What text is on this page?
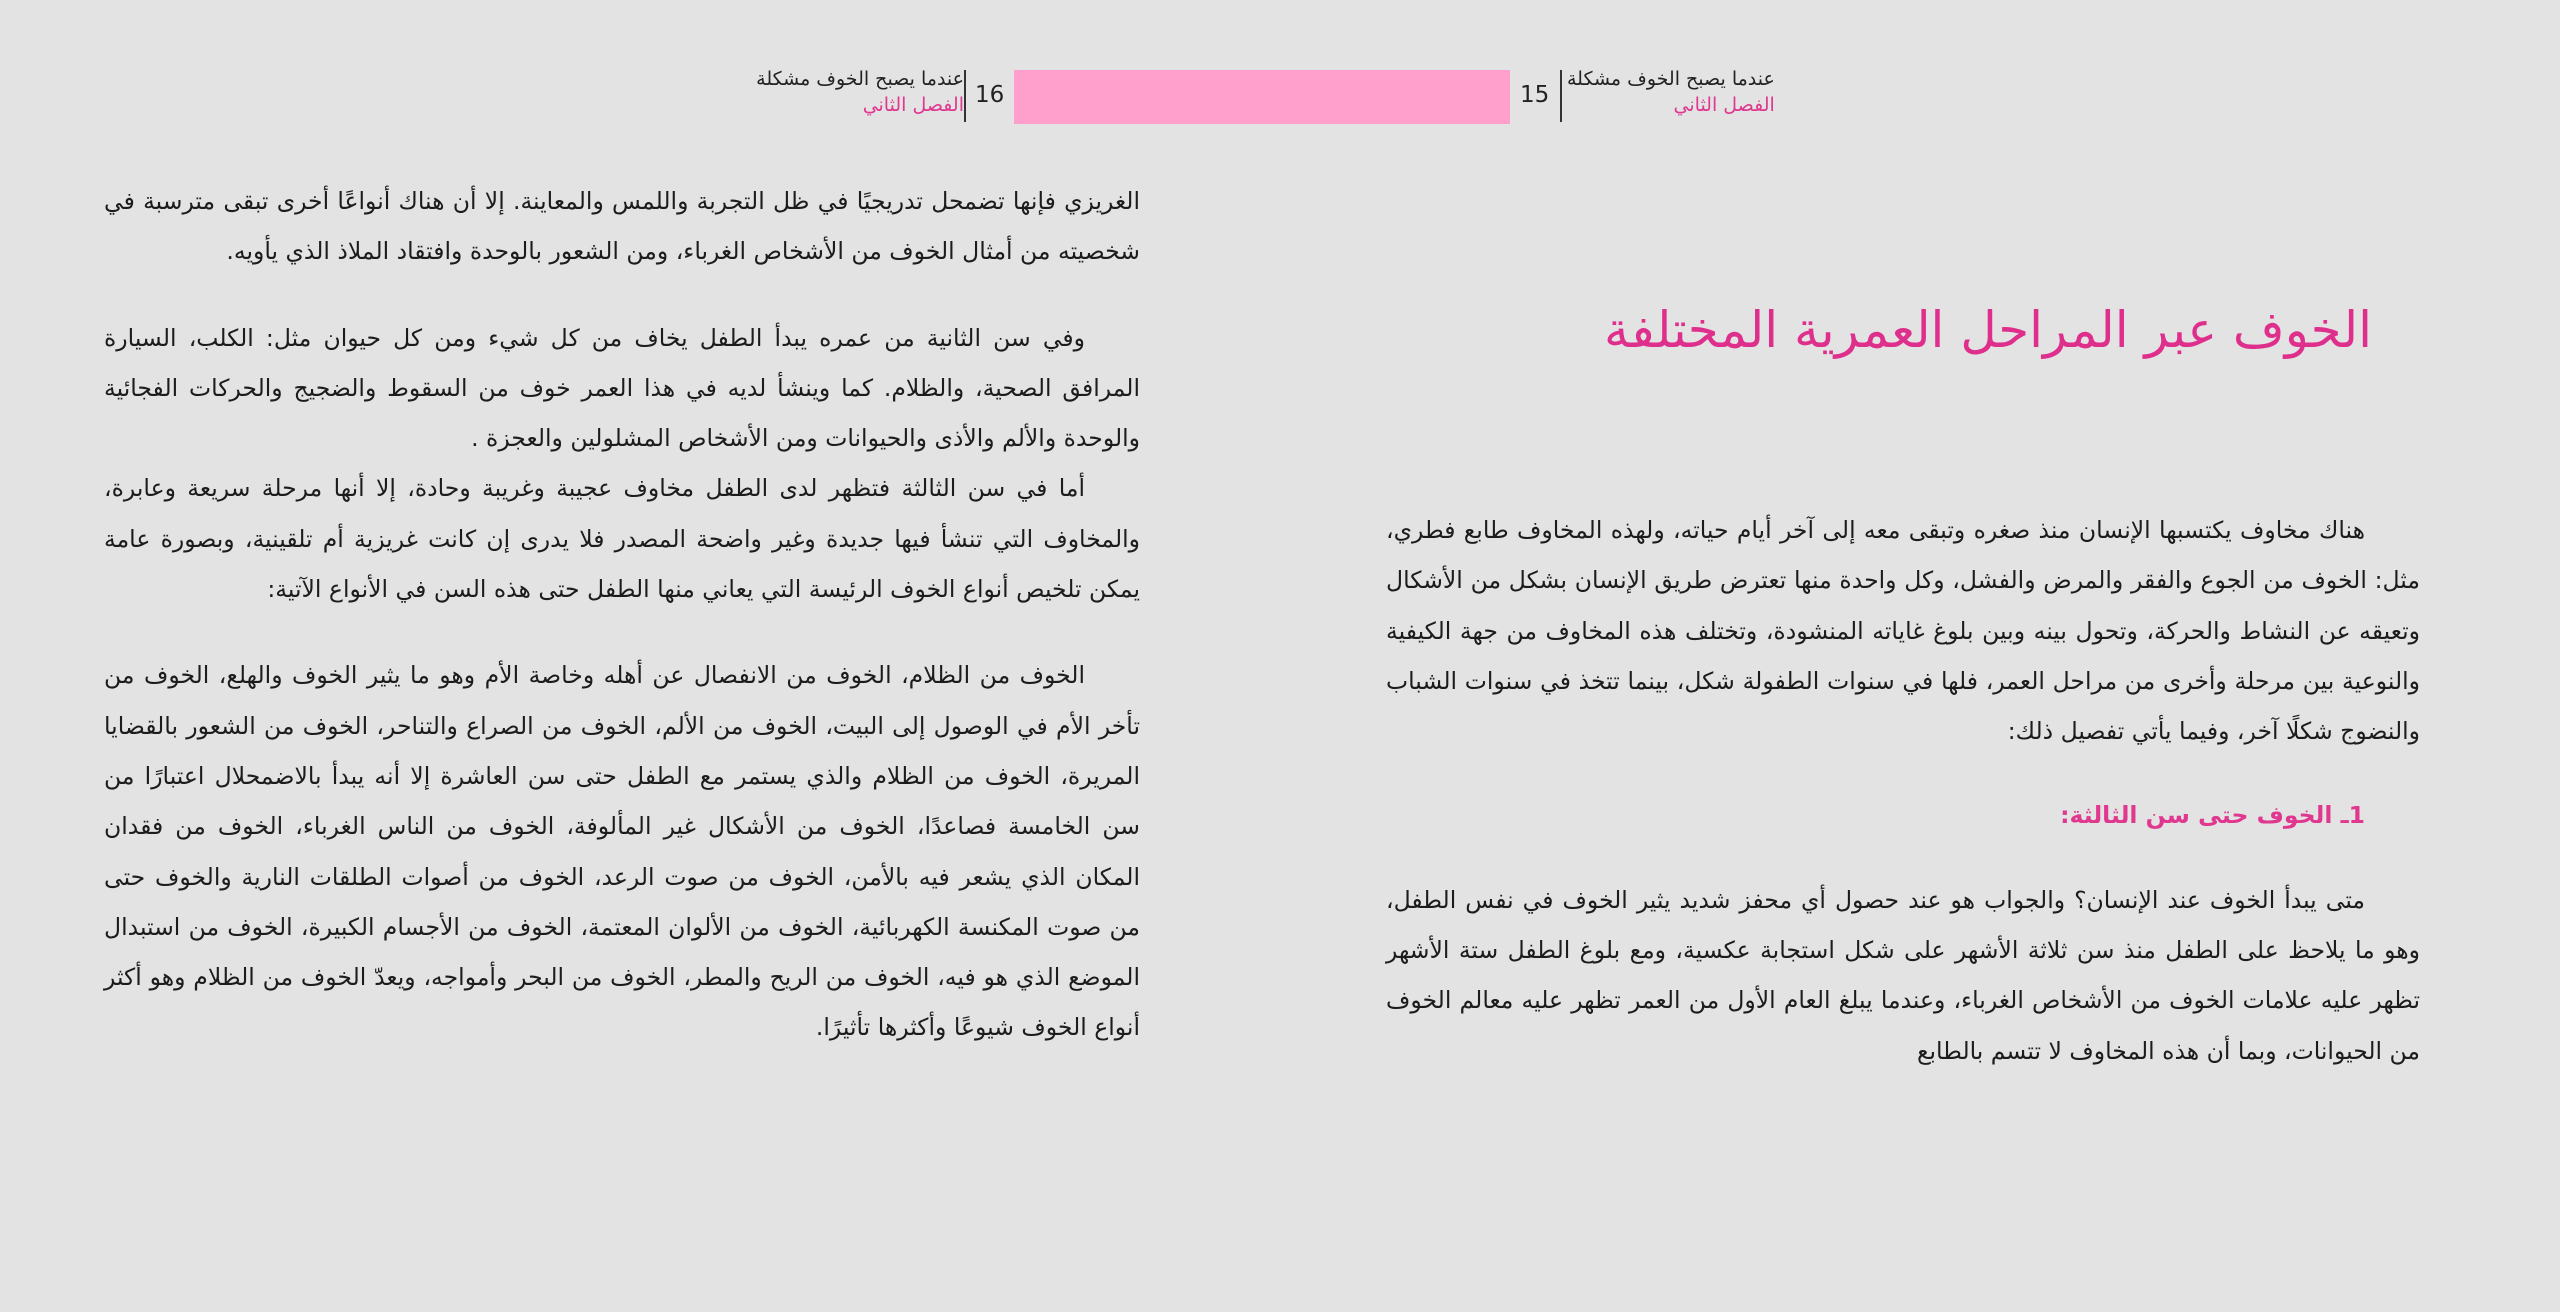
عندما يصبح الخوف مشكلة
الفصل الثاني 16	15
عندما يصبح الخوف مشكلة
الفصل الثاني

الغريزي فإنها تضمحل تدريجيًا في ظل التجربة واللمس والمعاينة. إلا أن هناك أنواعًا أخرى تبقى مترسبة في شخصيته من أمثال الخوف من الأشخاص الغرباء، ومن الشعور بالوحدة وافتقاد الملاذ الذي يأويه.

وفي سن الثانية من عمره يبدأ الطفل يخاف من كل شيء ومن كل حيوان مثل: الكلب، السيارة المرافق الصحية، والظلام. كما وينشأ لديه في هذا العمر خوف من السقوط والضجيج والحركات الفجائية والوحدة والألم والأذى والحيوانات ومن الأشخاص المشلولين والعجزة .

أما في سن الثالثة فتظهر لدى الطفل مخاوف عجيبة وغريبة وحادة، إلا أنها مرحلة سريعة وعابرة، والمخاوف التي تنشأ فيها جديدة وغير واضحة المصدر فلا يدرى إن كانت غريزية أم تلقينية، وبصورة عامة يمكن تلخيص أنواع الخوف الرئيسة التي يعاني منها الطفل حتى هذه السن في الأنواع الآتية:

الخوف من الظلام، الخوف من الانفصال عن أهله وخاصة الأم وهو ما يثير الخوف والهلع، الخوف من تأخر الأم في الوصول إلى البيت، الخوف من الألم، الخوف من الصراع والتناحر، الخوف من الشعور بالقضايا المريرة، الخوف من الظلام والذي يستمر مع الطفل حتى سن العاشرة إلا أنه يبدأ بالاضمحلال اعتبارًا من سن الخامسة فصاعدًا، الخوف من الأشكال غير المألوفة، الخوف من الناس الغرباء، الخوف من فقدان المكان الذي يشعر فيه بالأمن، الخوف من صوت الرعد، الخوف من أصوات الطلقات النارية والخوف حتى من صوت المكنسة الكهربائية، الخوف من الألوان المعتمة، الخوف من الأجسام الكبيرة، الخوف من استبدال الموضع الذي هو فيه، الخوف من الريح والمطر، الخوف من البحر وأمواجه، ويعدّ الخوف من الظلام وهو أكثر أنواع الخوف شيوعًا وأكثرها تأثيرًا.

الخوف عبر المراحل العمرية المختلفة

هناك مخاوف يكتسبها الإنسان منذ صغره وتبقى معه إلى آخر أيام حياته، ولهذه المخاوف طابع فطري، مثل: الخوف من الجوع والفقر والمرض والفشل، وكل واحدة منها تعترض طريق الإنسان بشكل من الأشكال وتعيقه عن النشاط والحركة، وتحول بينه وبين بلوغ غاياته المنشودة، وتختلف هذه المخاوف من جهة الكيفية والنوعية بين مرحلة وأخرى من مراحل العمر، فلها في سنوات الطفولة شكل، بينما تتخذ في سنوات الشباب والنضوج شكلًا آخر، وفيما يأتي تفصيل ذلك:

1ـ الخوف حتى سن الثالثة:

متى يبدأ الخوف عند الإنسان؟ والجواب هو عند حصول أي محفز شديد يثير الخوف في نفس الطفل، وهو ما يلاحظ على الطفل منذ سن ثلاثة الأشهر على شكل استجابة عكسية، ومع بلوغ الطفل ستة الأشهر تظهر عليه علامات الخوف من الأشخاص الغرباء، وعندما يبلغ العام الأول من العمر تظهر عليه معالم الخوف من الحيوانات، وبما أن هذه المخاوف لا تتسم بالطابع
